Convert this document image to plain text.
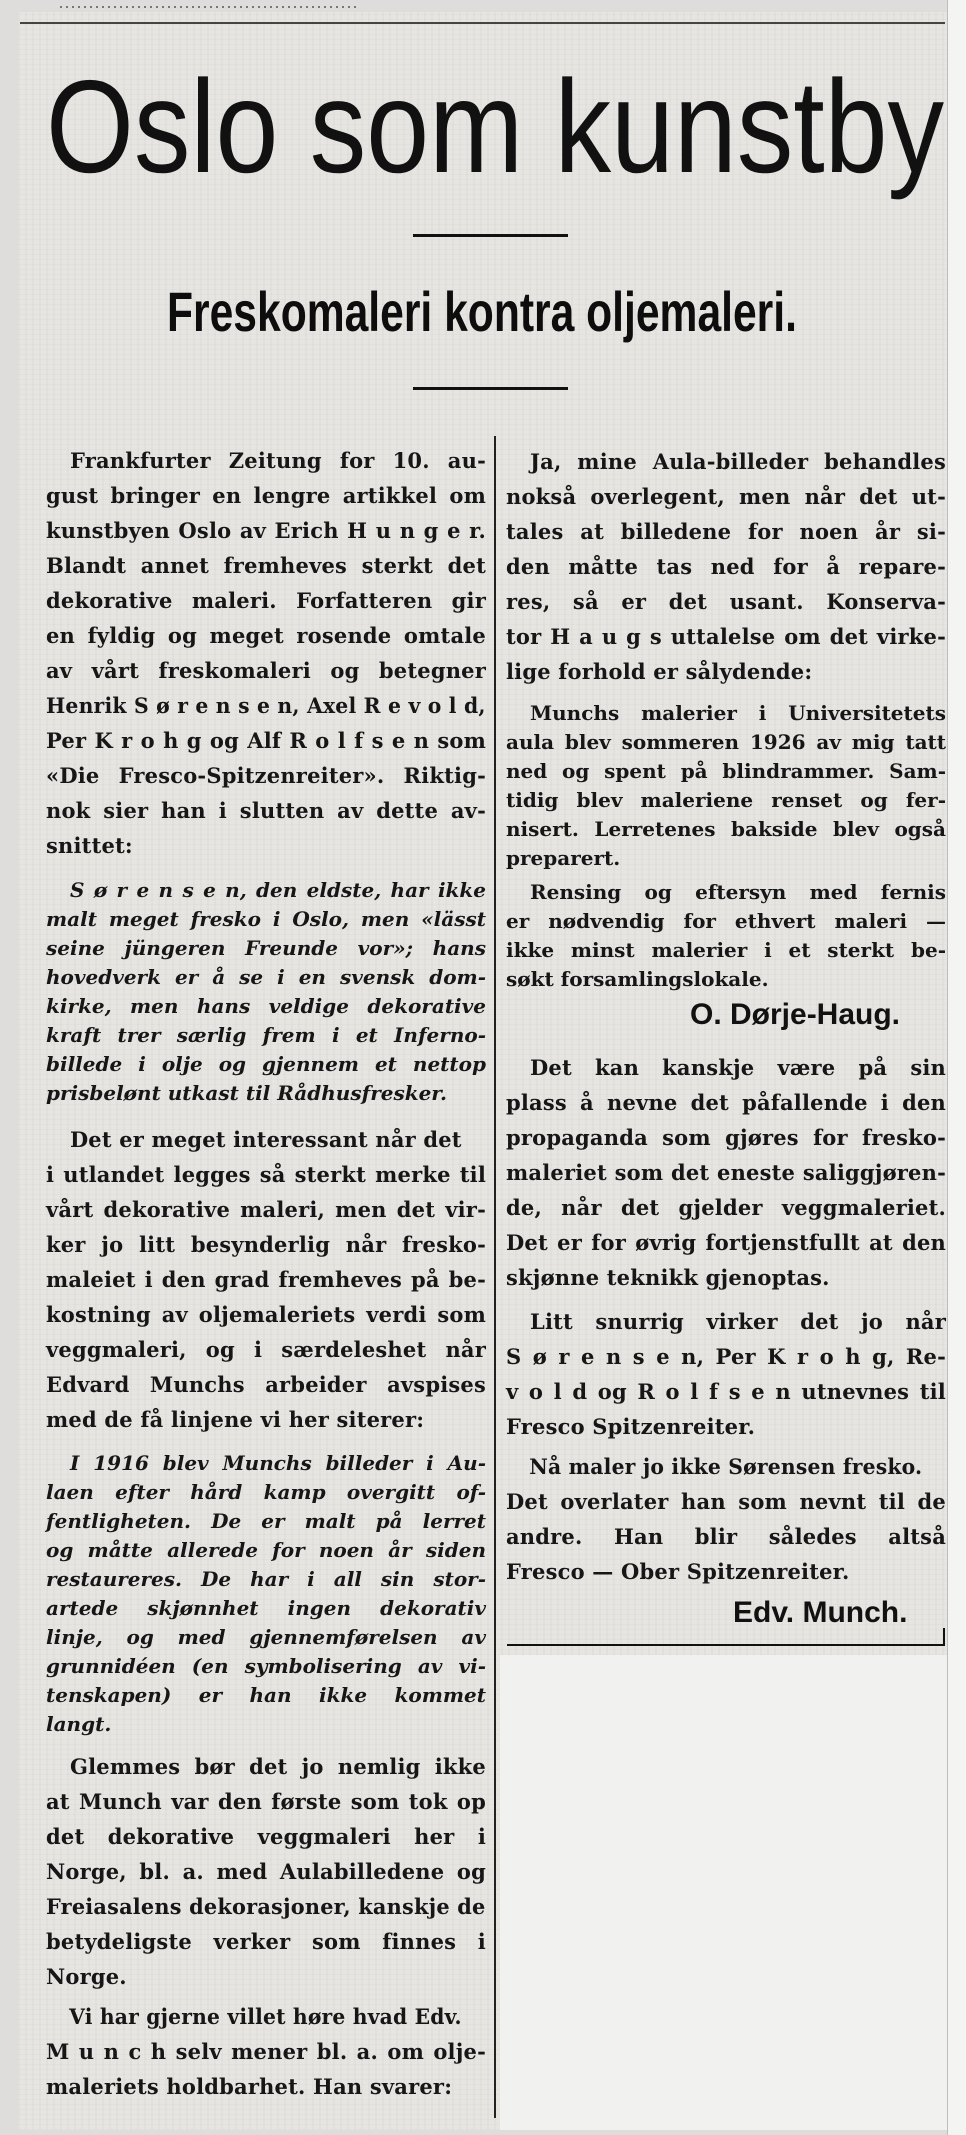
Oslo som kunstby
Freskomaleri kontra oljemaleri.
Frankfurter Zeitung for 10. au-
gust bringer en lengre artikkel om
kunstbyen Oslo av Erich H u n g e r.
Blandt annet fremheves sterkt det
dekorative maleri. Forfatteren gir
en fyldig og meget rosende omtale
av vårt freskomaleri og betegner
Henrik S ø r e n s e n, Axel R e v o l d,
Per K r o h g og Alf R o l f s e n som
«Die Fresco-Spitzenreiter». Riktig-
nok sier han i slutten av dette av-
snittet:
S ø r e n s e n, den eldste, har ikke
malt meget fresko i Oslo, men «lässt
seine jüngeren Freunde vor»; hans
hovedverk er å se i en svensk dom-
kirke, men hans veldige dekorative
kraft trer særlig frem i et Inferno-
billede i olje og gjennem et nettop
prisbelønt utkast til Rådhusfresker.
Det er meget interessant når det
i utlandet legges så sterkt merke til
vårt dekorative maleri, men det vir-
ker jo litt besynderlig når fresko-
maleiet i den grad fremheves på be-
kostning av oljemaleriets verdi som
veggmaleri, og i særdeleshet når
Edvard Munchs arbeider avspises
med de få linjene vi her siterer:
I 1916 blev Munchs billeder i Au-
laen efter hård kamp overgitt of-
fentligheten. De er malt på lerret
og måtte allerede for noen år siden
restaureres. De har i all sin stor-
artede skjønnhet ingen dekorativ
linje, og med gjennemførelsen av
grunnidéen (en symbolisering av vi-
tenskapen) er han ikke kommet
langt.
Glemmes bør det jo nemlig ikke
at Munch var den første som tok op
det dekorative veggmaleri her i
Norge, bl. a. med Aulabilledene og
Freiasalens dekorasjoner, kanskje de
betydeligste verker som finnes i
Norge.
Vi har gjerne villet høre hvad Edv.
M u n c h selv mener bl. a. om olje-
maleriets holdbarhet. Han svarer:
Ja, mine Aula-billeder behandles
nokså overlegent, men når det ut-
tales at billedene for noen år si-
den måtte tas ned for å repare-
res, så er det usant. Konserva-
tor H a u g s uttalelse om det virke-
lige forhold er sålydende:
Munchs malerier i Universitetets
aula blev sommeren 1926 av mig tatt
ned og spent på blindrammer. Sam-
tidig blev maleriene renset og fer-
nisert. Lerretenes bakside blev også
preparert.
Rensing og eftersyn med fernis
er nødvendig for ethvert maleri —
ikke minst malerier i et sterkt be-
søkt forsamlingslokale.
Det kan kanskje være på sin
plass å nevne det påfallende i den
propaganda som gjøres for fresko-
maleriet som det eneste saliggjøren-
de, når det gjelder veggmaleriet.
Det er for øvrig fortjenstfullt at den
skjønne teknikk gjenoptas.
Litt snurrig virker det jo når
S ø r e n s e n, Per K r o h g, Re-
v o l d og R o l f s e n utnevnes til
Fresco Spitzenreiter.
Nå maler jo ikke Sørensen fresko.
Det overlater han som nevnt til de
andre. Han blir således altså
Fresco — Ober Spitzenreiter.
O. Dørje-Haug.
Edv. Munch.
